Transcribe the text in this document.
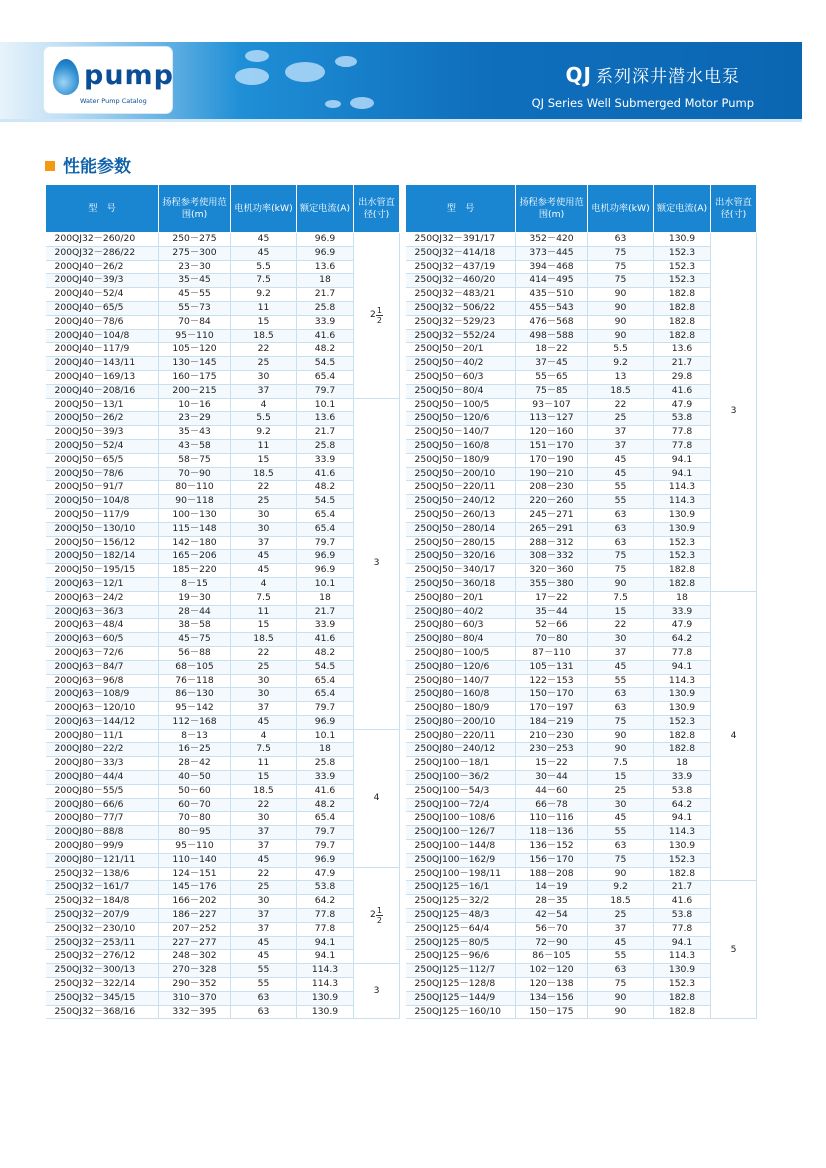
pump
Water Pump Catalog
QJ 系列深井潜水电泵
QJ Series Well Submerged Motor Pump
性能参数
型　号	扬程参考使用范围(m)	电机功率(kW)	额定电流(A)	出水管直径(寸)
200QJ32－260/20	250－275	45	96.9	$2 \frac{1}{2}$

200QJ32－286/22	275－300	45	96.9	
200QJ40－26/2	23－30	5.5	13.6	
200QJ40－39/3	35－45	7.5	18	
200QJ40－52/4	45－55	9.2	21.7	
200QJ40－65/5	55－73	11	25.8	
200QJ40－78/6	70－84	15	33.9	
200QJ40－104/8	95－110	18.5	41.6	
200QJ40－117/9	105－120	22	48.2	
200QJ40－143/11	130－145	25	54.5	
200QJ40－169/13	160－175	30	65.4	
200QJ40－208/16	200－215	37	79.7	
200QJ50－13/1	10－16	4	10.1	3
200QJ50－26/2	23－29	5.5	13.6	
200QJ50－39/3	35－43	9.2	21.7	
200QJ50－52/4	43－58	11	25.8	
200QJ50－65/5	58－75	15	33.9	
200QJ50－78/6	70－90	18.5	41.6	
200QJ50－91/7	80－110	22	48.2	
200QJ50－104/8	90－118	25	54.5	
200QJ50－117/9	100－130	30	65.4	
200QJ50－130/10	115－148	30	65.4	
200QJ50－156/12	142－180	37	79.7	
200QJ50－182/14	165－206	45	96.9	
200QJ50－195/15	185－220	45	96.9	
200QJ63－12/1	8－15	4	10.1	
200QJ63－24/2	19－30	7.5	18	
200QJ63－36/3	28－44	11	21.7	
200QJ63－48/4	38－58	15	33.9	
200QJ63－60/5	45－75	18.5	41.6	
200QJ63－72/6	56－88	22	48.2	
200QJ63－84/7	68－105	25	54.5	
200QJ63－96/8	76－118	30	65.4	
200QJ63－108/9	86－130	30	65.4	
200QJ63－120/10	95－142	37	79.7	
200QJ63－144/12	112－168	45	96.9	
200QJ80－11/1	8－13	4	10.1	4
200QJ80－22/2	16－25	7.5	18	
200QJ80－33/3	28－42	11	25.8	
200QJ80－44/4	40－50	15	33.9	
200QJ80－55/5	50－60	18.5	41.6	
200QJ80－66/6	60－70	22	48.2	
200QJ80－77/7	70－80	30	65.4	
200QJ80－88/8	80－95	37	79.7	
200QJ80－99/9	95－110	37	79.7	
200QJ80－121/11	110－140	45	96.9	
250QJ32－138/6	124－151	22	47.9	$2 \frac{1}{2}$

250QJ32－161/7	145－176	25	53.8	
250QJ32－184/8	166－202	30	64.2	
250QJ32－207/9	186－227	37	77.8	
250QJ32－230/10	207－252	37	77.8	
250QJ32－253/11	227－277	45	94.1	
250QJ32－276/12	248－302	45	94.1	
250QJ32－300/13	270－328	55	114.3	3
250QJ32－322/14	290－352	55	114.3	
250QJ32－345/15	310－370	63	130.9	
250QJ32－368/16	332－395	63	130.9	
型　号	扬程参考使用范围(m)	电机功率(kW)	额定电流(A)	出水管直径(寸)
250QJ32－391/17	352－420	63	130.9	3
250QJ32－414/18	373－445	75	152.3	
250QJ32－437/19	394－468	75	152.3	
250QJ32－460/20	414－495	75	152.3	
250QJ32－483/21	435－510	90	182.8	
250QJ32－506/22	455－543	90	182.8	
250QJ32－529/23	476－568	90	182.8	
250QJ32－552/24	498－588	90	182.8	
250QJ50－20/1	18－22	5.5	13.6	
250QJ50－40/2	37－45	9.2	21.7	
250QJ50－60/3	55－65	13	29.8	
250QJ50－80/4	75－85	18.5	41.6	
250QJ50－100/5	93－107	22	47.9	
250QJ50－120/6	113－127	25	53.8	
250QJ50－140/7	120－160	37	77.8	
250QJ50－160/8	151－170	37	77.8	
250QJ50－180/9	170－190	45	94.1	
250QJ50－200/10	190－210	45	94.1	
250QJ50－220/11	208－230	55	114.3	
250QJ50－240/12	220－260	55	114.3	
250QJ50－260/13	245－271	63	130.9	
250QJ50－280/14	265－291	63	130.9	
250QJ50－280/15	288－312	63	152.3	
250QJ50－320/16	308－332	75	152.3	
250QJ50－340/17	320－360	75	182.8	
250QJ50－360/18	355－380	90	182.8	
250QJ80－20/1	17－22	7.5	18	4
250QJ80－40/2	35－44	15	33.9	
250QJ80－60/3	52－66	22	47.9	
250QJ80－80/4	70－80	30	64.2	
250QJ80－100/5	87－110	37	77.8	
250QJ80－120/6	105－131	45	94.1	
250QJ80－140/7	122－153	55	114.3	
250QJ80－160/8	150－170	63	130.9	
250QJ80－180/9	170－197	63	130.9	
250QJ80－200/10	184－219	75	152.3	
250QJ80－220/11	210－230	90	182.8	
250QJ80－240/12	230－253	90	182.8	
250QJ100－18/1	15－22	7.5	18	
250QJ100－36/2	30－44	15	33.9	
250QJ100－54/3	44－60	25	53.8	
250QJ100－72/4	66－78	30	64.2	
250QJ100－108/6	110－116	45	94.1	
250QJ100－126/7	118－136	55	114.3	
250QJ100－144/8	136－152	63	130.9	
250QJ100－162/9	156－170	75	152.3	
250QJ100－198/11	188－208	90	182.8	
250QJ125－16/1	14－19	9.2	21.7	5
250QJ125－32/2	28－35	18.5	41.6	
250QJ125－48/3	42－54	25	53.8	
250QJ125－64/4	56－70	37	77.8	
250QJ125－80/5	72－90	45	94.1	
250QJ125－96/6	86－105	55	114.3	
250QJ125－112/7	102－120	63	130.9	
250QJ125－128/8	120－138	75	152.3	
250QJ125－144/9	134－156	90	182.8	
250QJ125－160/10	150－175	90	182.8	
